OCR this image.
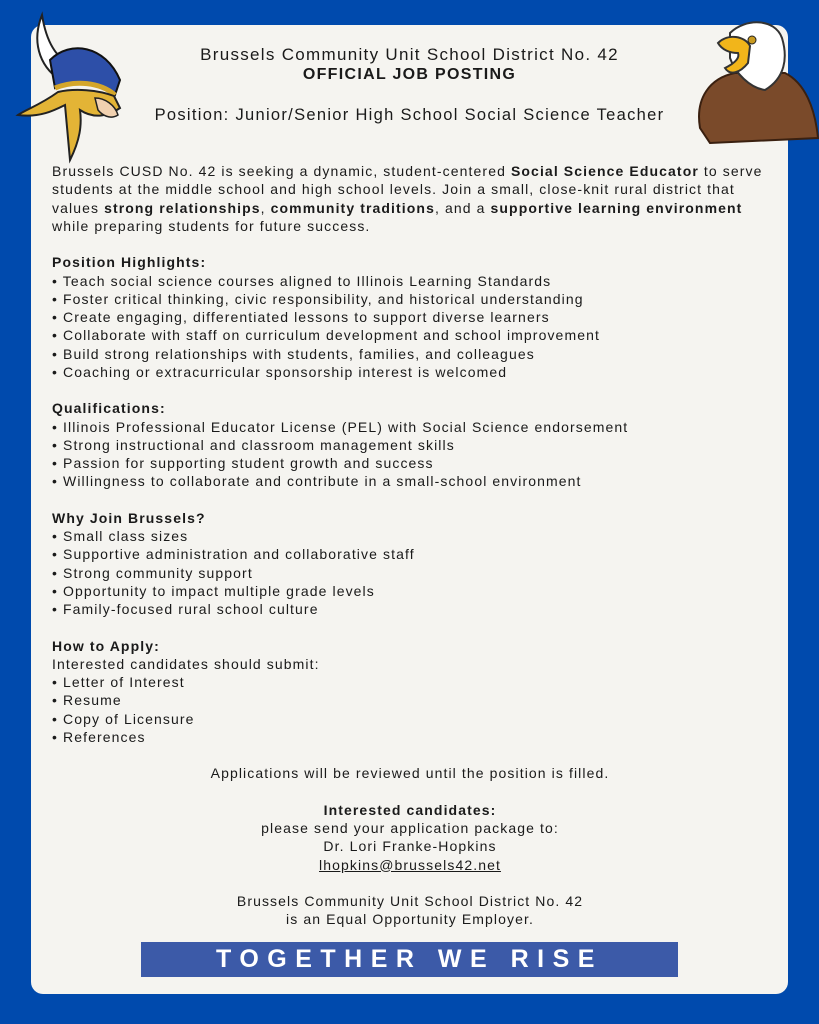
Brussels Community Unit School District No. 42
OFFICIAL JOB POSTING
Position: Junior/Senior High School Social Science Teacher

Brussels CUSD No. 42 is seeking a dynamic, student-centered Social Science Educator to serve students at the middle school and high school levels. Join a small, close-knit rural district that values strong relationships, community traditions, and a supportive learning environment while preparing students for future success.

Position Highlights:

• Teach social science courses aligned to Illinois Learning Standards
• Foster critical thinking, civic responsibility, and historical understanding
• Create engaging, differentiated lessons to support diverse learners
• Collaborate with staff on curriculum development and school improvement
• Build strong relationships with students, families, and colleagues
• Coaching or extracurricular sponsorship interest is welcomed

Qualifications:

• Illinois Professional Educator License (PEL) with Social Science endorsement
• Strong instructional and classroom management skills
• Passion for supporting student growth and success
• Willingness to collaborate and contribute in a small-school environment

Why Join Brussels?

• Small class sizes
• Supportive administration and collaborative staff
• Strong community support
• Opportunity to impact multiple grade levels
• Family-focused rural school culture

How to Apply:

Interested candidates should submit:

• Letter of Interest
• Resume
• Copy of Licensure
• References

Applications will be reviewed until the position is filled.

Interested candidates:

please send your application package to:

Dr. Lori Franke-Hopkins

lhopkins@brussels42.net

Brussels Community Unit School District No. 42

is an Equal Opportunity Employer.

TOGETHER WE RISE
